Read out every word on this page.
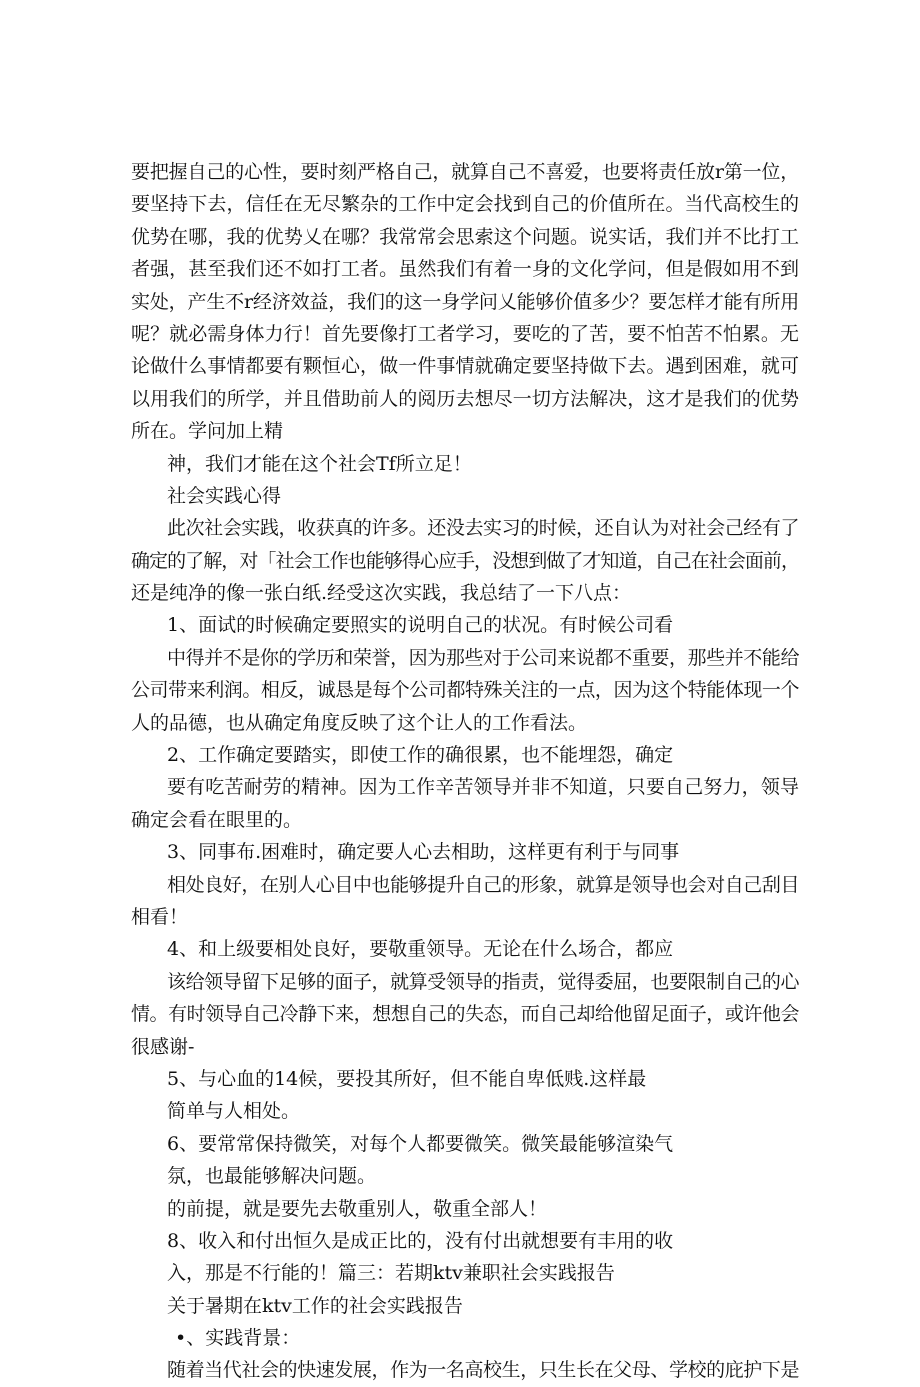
要把握自己的心性，要时刻严格自己，就算自己不喜爱，也要将责任放r第一位，
要坚持下去，信任在无尽繁杂的工作中定会找到自己的价值所在。当代高校生的
优势在哪，我的优势乂在哪？我常常会思索这个问题。说实话，我们并不比打工
者强，甚至我们还不如打工者。虽然我们有着一身的文化学问，但是假如用不到
实处，产生不r经济效益，我们的这一身学问乂能够价值多少？要怎样才能有所用
呢？就必需身体力行！首先要像打工者学习，要吃的了苦，要不怕苦不怕累。无
论做什么事情都要有颗恒心，做一件事情就确定要坚持做下去。遇到困难，就可
以用我们的所学，并且借助前人的阅历去想尽一切方法解决，这才是我们的优势
所在。学问加上精
神，我们才能在这个社会Tf所立足！
社会实践心得
此次社会实践，收获真的许多。还没去实习的时候，还自认为对社会己经有了
确定的了解，对「社会工作也能够得心应手，没想到做了才知道，自己在社会面前，
还是纯净的像一张白纸.经受这次实践，我总结了一下八点：
1、面试的时候确定要照实的说明自己的状况。有时候公司看
中得并不是你的学历和荣誉，因为那些对于公司来说都不重要，那些并不能给
公司带来利润。相反，诚恳是每个公司都特殊关注的一点，因为这个特能体现一个
人的品德，也从确定角度反映了这个让人的工作看法。
2、工作确定要踏实，即使工作的确很累，也不能埋怨，确定
要有吃苦耐劳的精神。因为工作辛苦领导并非不知道，只要自己努力，领导
确定会看在眼里的。
3、同事布.困难时，确定要人心去相助，这样更有利于与同事
相处良好，在别人心目中也能够提升自己的形象，就算是领导也会对自己刮目
相看！
4、和上级要相处良好，要敬重领导。无论在什么场合，都应
该给领导留下足够的面子，就算受领导的指责，觉得委屈，也要限制自己的心
情。有时领导自己冷静下来，想想自己的失态，而自己却给他留足面子，或许他会
很感谢-
5、与心血的14候，要投其所好，但不能自卑低贱.这样最
简单与人相处。
6、要常常保持微笑，对每个人都要微笑。微笑最能够渲染气
氛，也最能够解决问题。
的前提，就是要先去敬重别人，敬重全部人！
8、收入和付出恒久是成正比的，没有付出就想要有丰用的收
入，那是不行能的！篇三：若期ktv兼职社会实践报告
关于暑期在ktv工作的社会实践报告
•、实践背景：
随着当代社会的快速发展，作为一名高校生，只生长在父母、学校的庇护下是
